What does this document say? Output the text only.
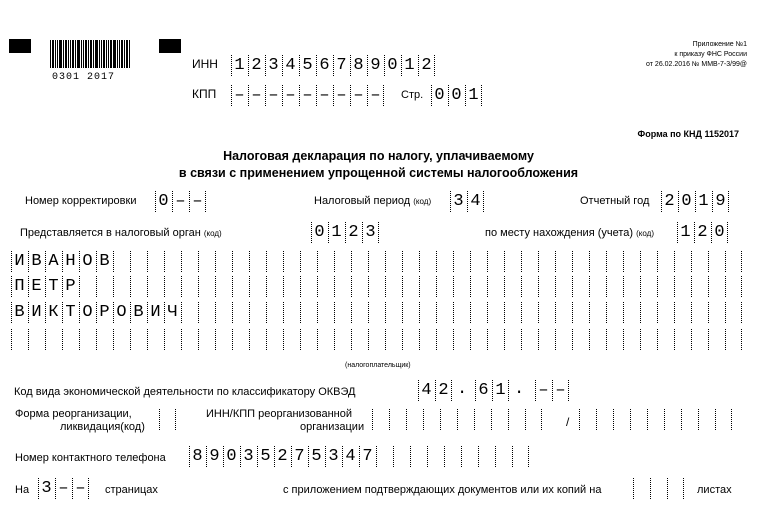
0301 2017
ИНН 1 2 3 4 5 6 7 8 9 0 1 2
КПП – – – – – – – – –	Стр. 0 0 1
Приложение №1
к приказу ФНС России
от 26.02.2016 № ММВ-7-3/99@
Форма по КНД 1152017
Налоговая декларация по налогу, уплачиваемому
в связи с применением упрощенной системы налогообложения
Номер корректировки 0 – –	Налоговый период (код) 3 4	Отчетный год 2 0 1 9
Представляется в налоговый орган (код)	0 1 2 3	по месту нахождения (учета) (код) 1 2 0
И В А Н О В
П Е Т Р
В И К Т О Р О В И Ч
(налогоплательщик)
Код вида экономической деятельности по классификатору ОКВЭД	4 2 . 6 1 . – –
Форма реорганизации,
ликвидация(код)
ИНН/КПП реорганизованной
организации	/
Номер контактного телефона 8 9 0 3 5 2 7 5 3 4 7
На 3 – –	страницах	с приложением подтверждающих документов или их копий на	листах
